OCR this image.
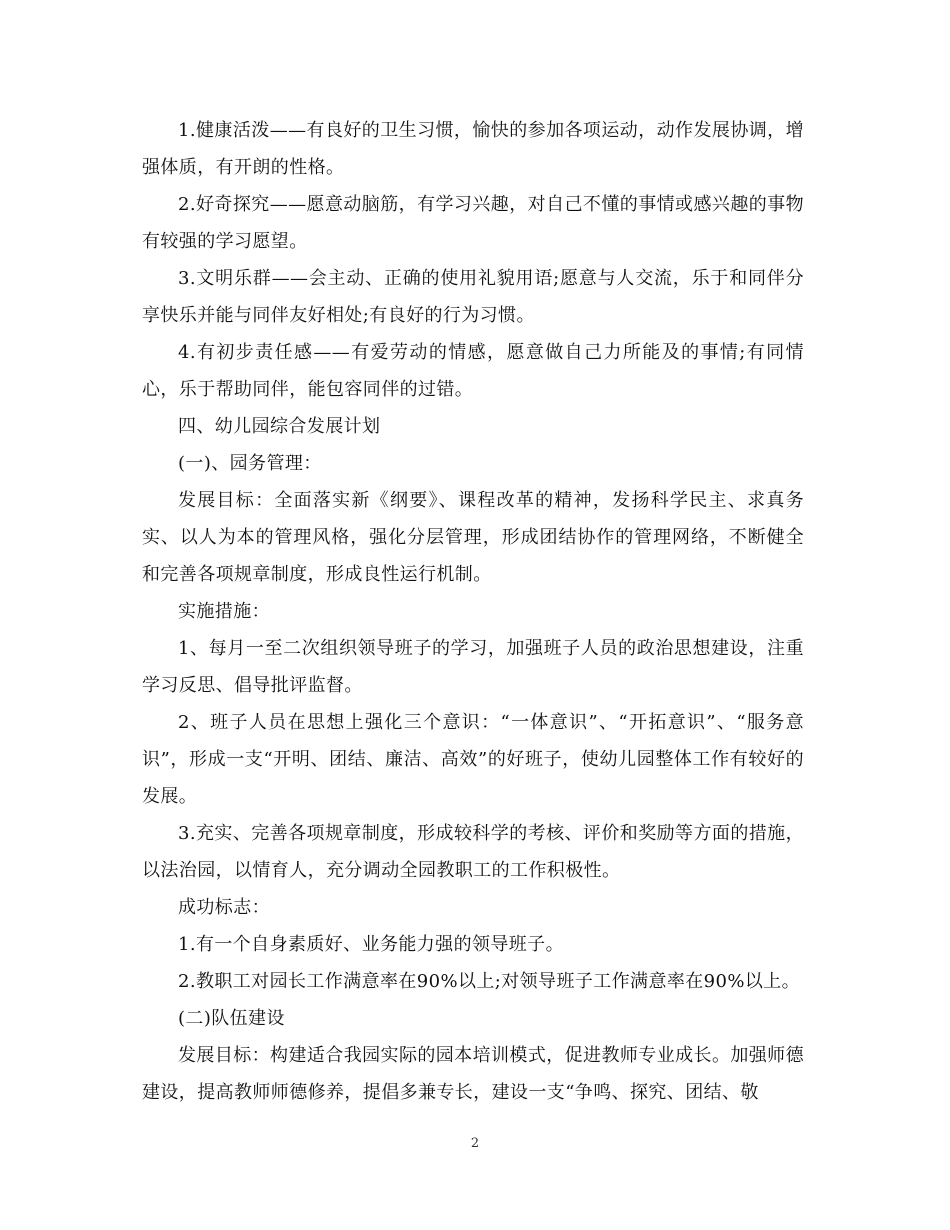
1.健康活泼——有良好的卫生习惯，愉快的参加各项运动，动作发展协调，增强体质，有开朗的性格。

2.好奇探究——愿意动脑筋，有学习兴趣，对自己不懂的事情或感兴趣的事物有较强的学习愿望。

3.文明乐群——会主动、正确的使用礼貌用语;愿意与人交流，乐于和同伴分享快乐并能与同伴友好相处;有良好的行为习惯。

4.有初步责任感——有爱劳动的情感，愿意做自己力所能及的事情;有同情心，乐于帮助同伴，能包容同伴的过错。

四、幼儿园综合发展计划

(一)、园务管理：

发展目标：全面落实新《纲要》、课程改革的精神，发扬科学民主、求真务实、以人为本的管理风格，强化分层管理，形成团结协作的管理网络，不断健全和完善各项规章制度，形成良性运行机制。

实施措施：

1、每月一至二次组织领导班子的学习，加强班子人员的政治思想建设，注重学习反思、倡导批评监督。

2、班子人员在思想上强化三个意识：“一体意识”、“开拓意识”、“服务意识”，形成一支“开明、团结、廉洁、高效”的好班子，使幼儿园整体工作有较好的发展。

3.充实、完善各项规章制度，形成较科学的考核、评价和奖励等方面的措施，以法治园，以情育人，充分调动全园教职工的工作积极性。

成功标志：

1.有一个自身素质好、业务能力强的领导班子。

2.教职工对园长工作满意率在90%以上;对领导班子工作满意率在90%以上。

(二)队伍建设

发展目标：构建适合我园实际的园本培训模式，促进教师专业成长。加强师德建设，提高教师师德修养，提倡多兼专长，建设一支“争鸣、探究、团结、敬

2
